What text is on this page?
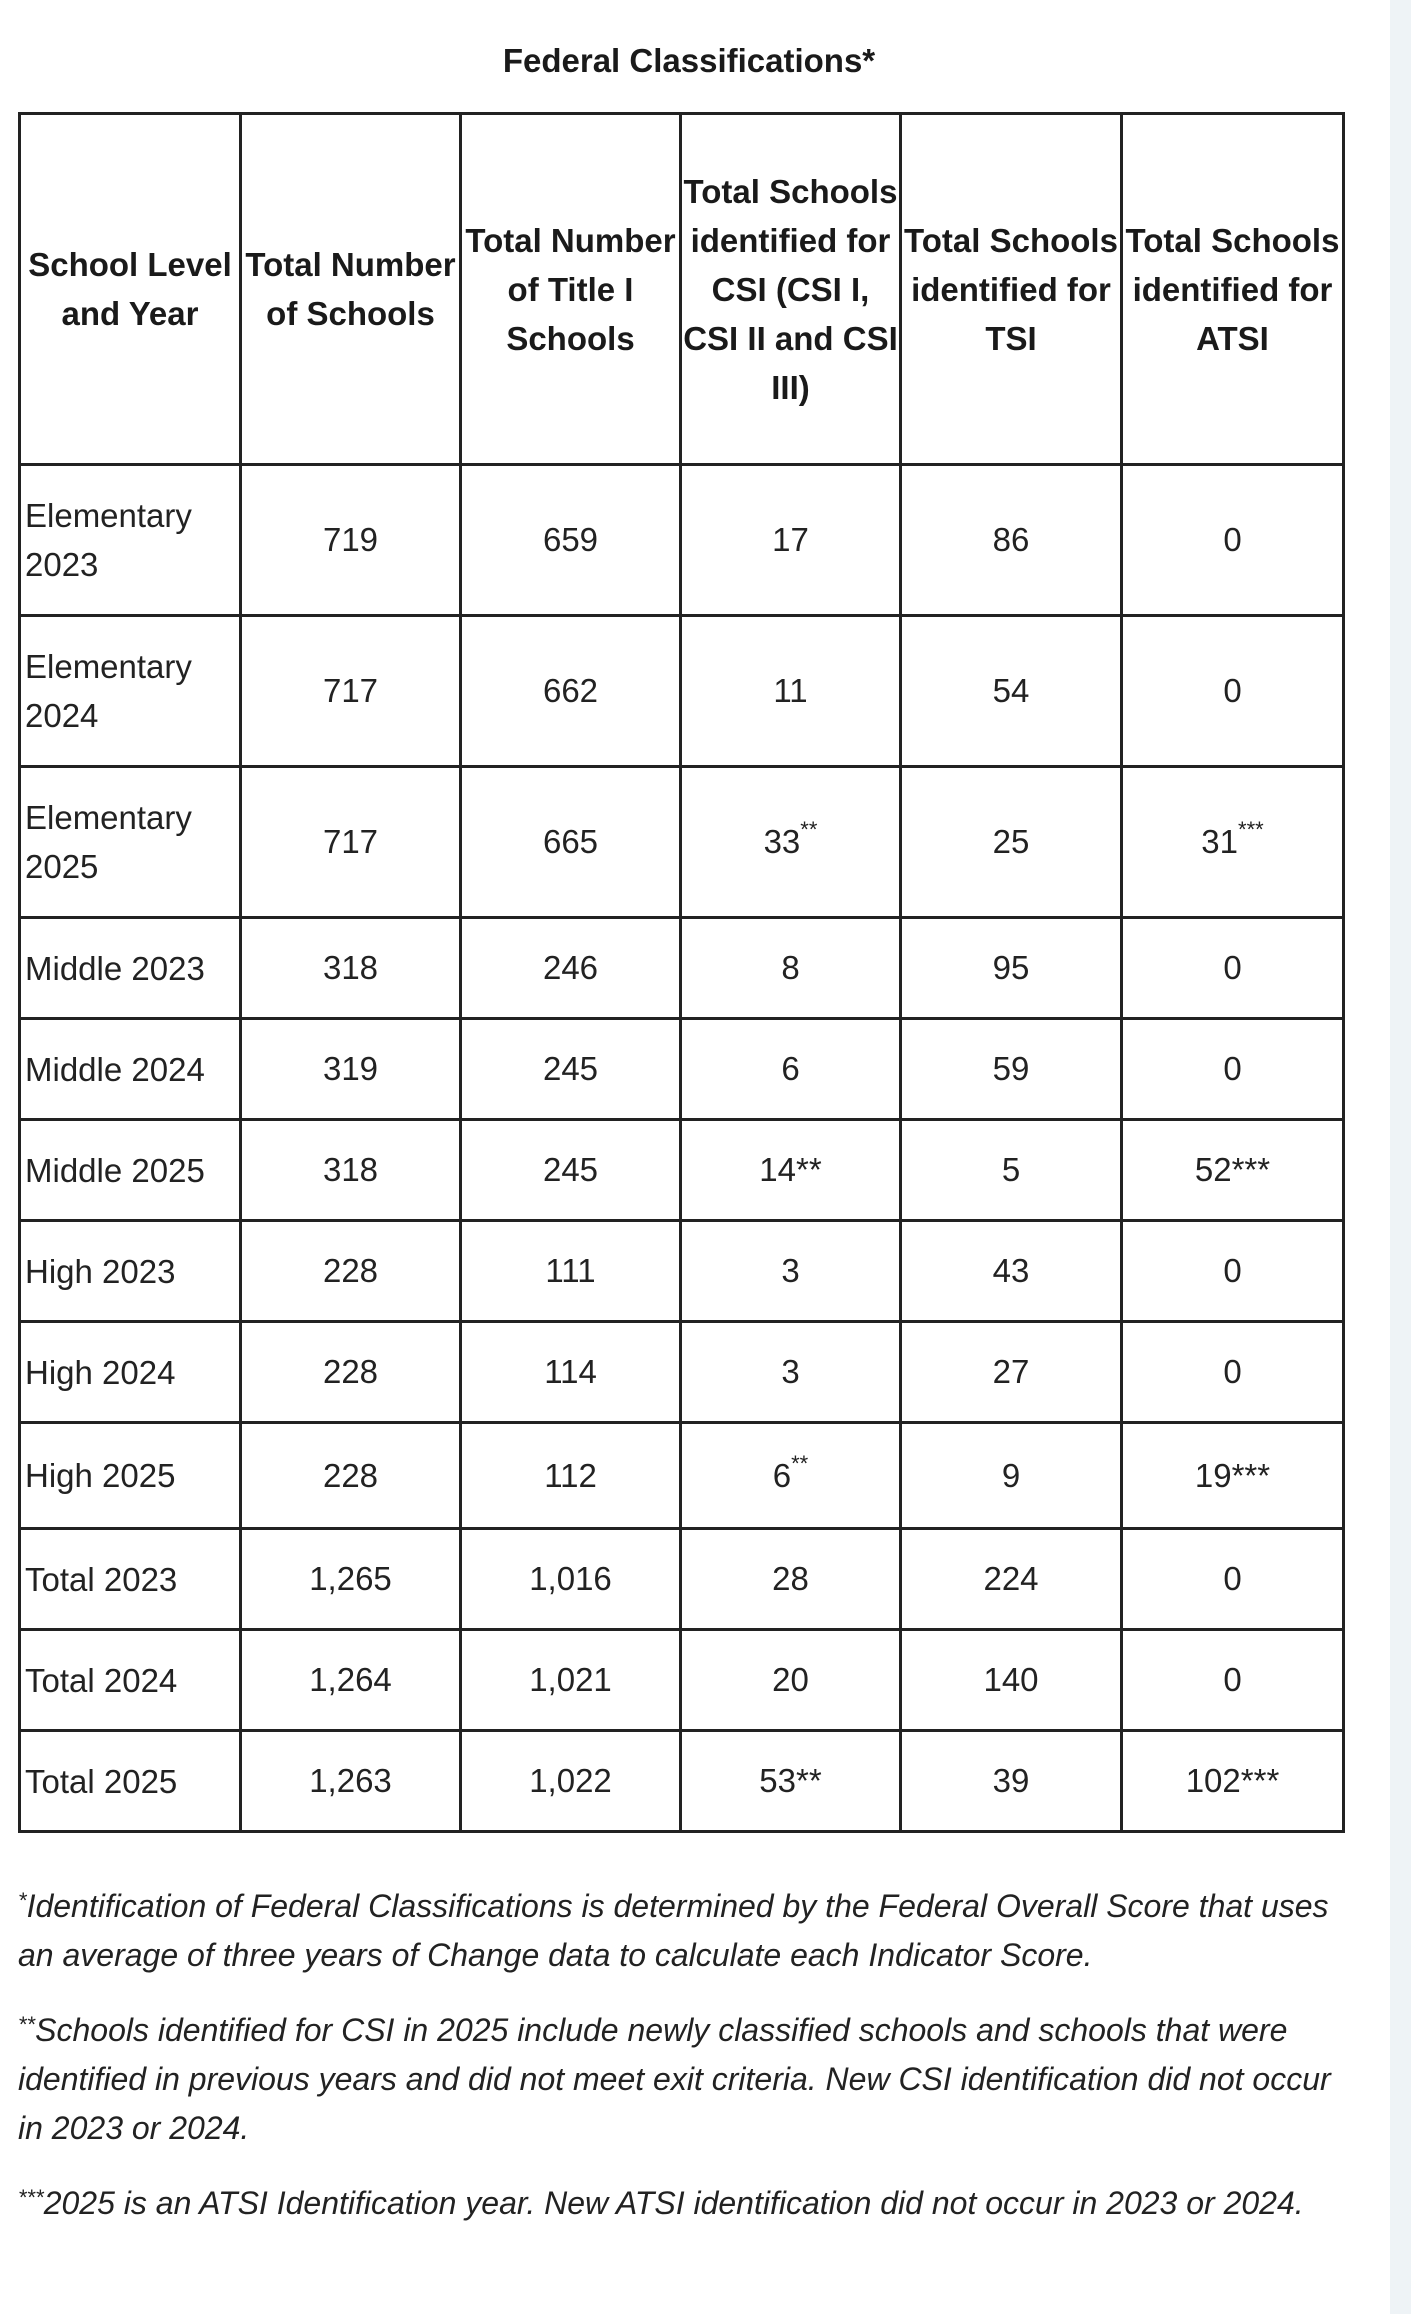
Federal Classifications*
School Level and Year	Total Number of Schools	Total Number of Title I Schools	Total Schools identified for CSI (CSI I, CSI II and CSI III)	Total Schools identified for TSI	Total Schools identified for ATSI
Elementary 2023	719	659	17	86	0
Elementary 2024	717	662	11	54	0
Elementary 2025	717	665	33**	25	31***
Middle 2023	318	246	8	95	0
Middle 2024	319	245	6	59	0
Middle 2025	318	245	14**	5	52***
High 2023	228	111	3	43	0
High 2024	228	114	3	27	0
High 2025	228	112	6**	9	19***
Total 2023	1,265	1,016	28	224	0
Total 2024	1,264	1,021	20	140	0
Total 2025	1,263	1,022	53**	39	102***

*Identification of Federal Classifications is determined by the Federal Overall Score that uses an average of three years of Change data to calculate each Indicator Score.

**Schools identified for CSI in 2025 include newly classified schools and schools that were identified in previous years and did not meet exit criteria. New CSI identification did not occur in 2023 or 2024.

***2025 is an ATSI Identification year. New ATSI identification did not occur in 2023 or 2024.
